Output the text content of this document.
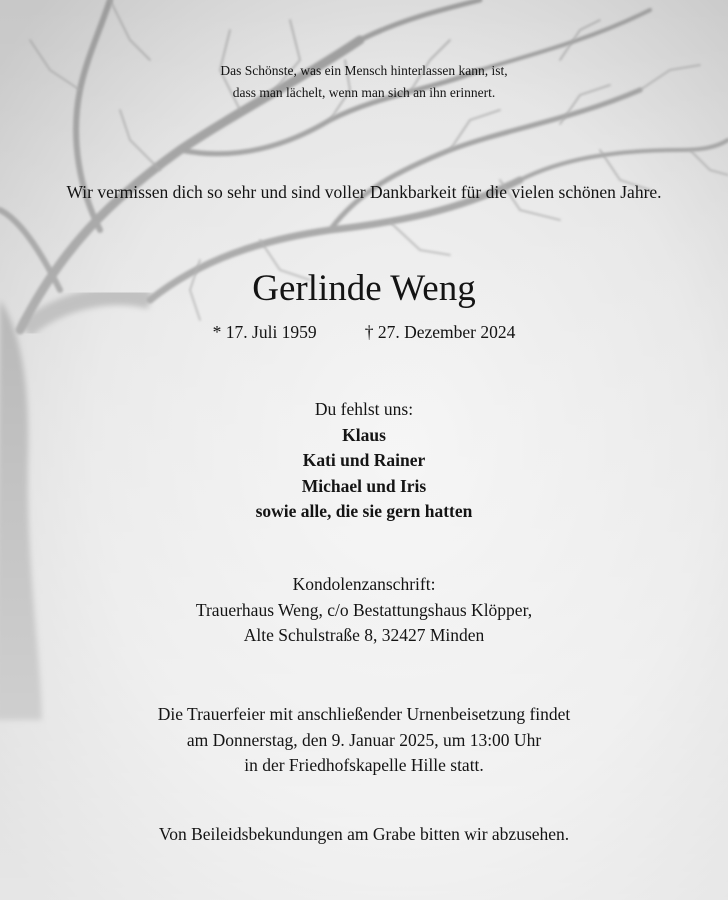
Das Schönste, was ein Mensch hinterlassen kann, ist,
dass man lächelt, wenn man sich an ihn erinnert.

Wir vermissen dich so sehr und sind voller Dankbarkeit für die vielen schönen Jahre.

Gerlinde Weng
* 17. Juli 1959	† 27. Dezember 2024
Du fehlst uns:
Klaus
Kati und Rainer
Michael und Iris
sowie alle, die sie gern hatten
Kondolenzanschrift:
Trauerhaus Weng, c/o Bestattungshaus Klöpper,
Alte Schulstraße 8, 32427 Minden
Die Trauerfeier mit anschließender Urnenbeisetzung findet
am Donnerstag, den 9. Januar 2025, um 13:00 Uhr
in der Friedhofskapelle Hille statt.

Von Beileidsbekundungen am Grabe bitten wir abzusehen.
